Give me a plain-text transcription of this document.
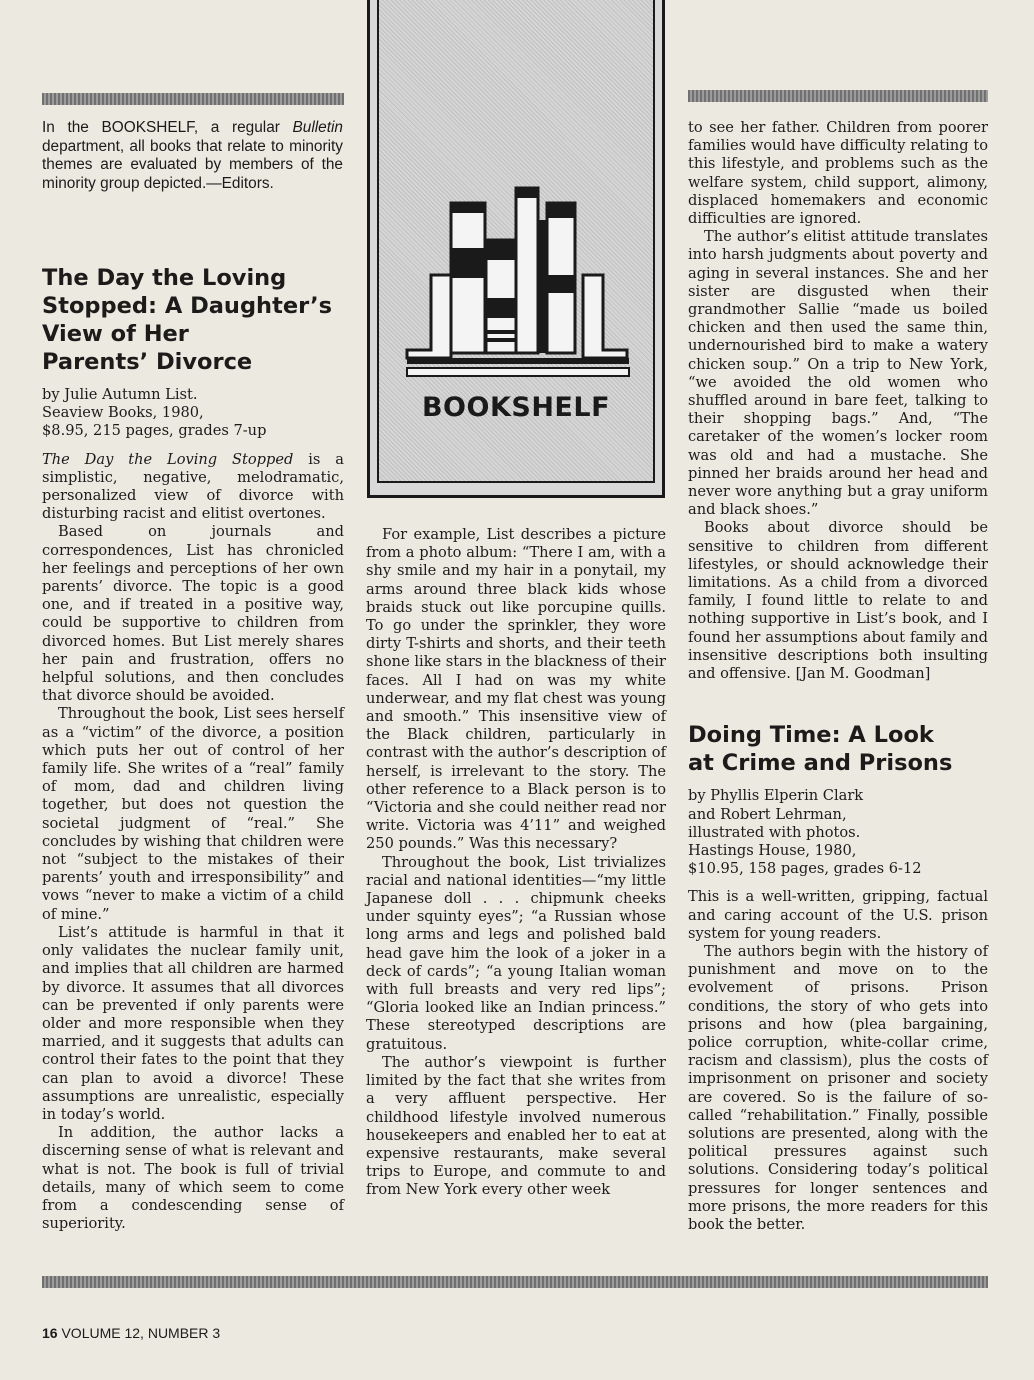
In the BOOKSHELF, a regular Bulletin department, all books that relate to minority themes are evaluated by members of the minority group depicted.—Editors.
The Day the Loving
Stopped: A Daughter’s
View of Her
Parents’ Divorce
by Julie Autumn List.
Seaview Books, 1980,
$8.95, 215 pages, grades 7-up

The Day the Loving Stopped is a simplistic, negative, melodramatic, personalized view of divorce with disturbing racist and elitist overtones.

Based on journals and correspondences, List has chronicled her feelings and perceptions of her own parents’ divorce. The topic is a good one, and if treated in a positive way, could be supportive to children from divorced homes. But List merely shares her pain and frustration, offers no helpful solutions, and then concludes that divorce should be avoided.

Throughout the book, List sees herself as a “victim” of the divorce, a position which puts her out of control of her family life. She writes of a “real” family of mom, dad and children living together, but does not question the societal judgment of “real.” She concludes by wishing that children were not “subject to the mistakes of their parents’ youth and irresponsibility” and vows “never to make a victim of a child of mine.”

List’s attitude is harmful in that it only validates the nuclear family unit, and implies that all children are harmed by divorce. It assumes that all divorces can be prevented if only parents were older and more responsible when they married, and it suggests that adults can control their fates to the point that they can plan to avoid a divorce! These assumptions are unrealistic, especially in today’s world.

In addition, the author lacks a discerning sense of what is relevant and what is not. The book is full of trivial details, many of which seem to come from a condescending sense of superiority.

BOOKSHELF

For example, List describes a picture from a photo album: “There I am, with a shy smile and my hair in a ponytail, my arms around three black kids whose braids stuck out like porcupine quills. To go under the sprinkler, they wore dirty T-shirts and shorts, and their teeth shone like stars in the blackness of their faces. All I had on was my white underwear, and my flat chest was young and smooth.” This insensitive view of the Black children, particularly in contrast with the author’s description of herself, is irrelevant to the story. The other reference to a Black person is to “Victoria and she could neither read nor write. Victoria was 4’11” and weighed 250 pounds.” Was this necessary?

Throughout the book, List trivializes racial and national identities—“my little Japanese doll . . . chipmunk cheeks under squinty eyes”; “a Russian whose long arms and legs and polished bald head gave him the look of a joker in a deck of cards”; “a young Italian woman with full breasts and very red lips”; “Gloria looked like an Indian princess.” These stereotyped descriptions are gratuitous.

The author’s viewpoint is further limited by the fact that she writes from a very affluent perspective. Her childhood lifestyle involved numerous housekeepers and enabled her to eat at expensive restaurants, make several trips to Europe, and commute to and from New York every other week

to see her father. Children from poorer families would have difficulty relating to this lifestyle, and problems such as the welfare system, child support, alimony, displaced homemakers and economic difficulties are ignored.

The author’s elitist attitude translates into harsh judgments about poverty and aging in several instances. She and her sister are disgusted when their grandmother Sallie “made us boiled chicken and then used the same thin, undernourished bird to make a watery chicken soup.” On a trip to New York, “we avoided the old women who shuffled around in bare feet, talking to their shopping bags.” And, “The caretaker of the women’s locker room was old and had a mustache. She pinned her braids around her head and never wore anything but a gray uniform and black shoes.”

Books about divorce should be sensitive to children from different lifestyles, or should acknowledge their limitations. As a child from a divorced family, I found little to relate to and nothing supportive in List’s book, and I found her assumptions about family and insensitive descriptions both insulting and offensive. [Jan M. Goodman]

Doing Time: A Look
at Crime and Prisons
by Phyllis Elperin Clark
and Robert Lehrman,
illustrated with photos.
Hastings House, 1980,
$10.95, 158 pages, grades 6-12

This is a well-written, gripping, factual and caring account of the U.S. prison system for young readers.

The authors begin with the history of punishment and move on to the evolvement of prisons. Prison conditions, the story of who gets into prisons and how (plea bargaining, police corruption, white-collar crime, racism and classism), plus the costs of imprisonment on prisoner and society are covered. So is the failure of so-called “rehabilitation.” Finally, possible solutions are presented, along with the political pressures against such solutions. Considering today’s political pressures for longer sentences and more prisons, the more readers for this book the better.

16 VOLUME 12, NUMBER 3
